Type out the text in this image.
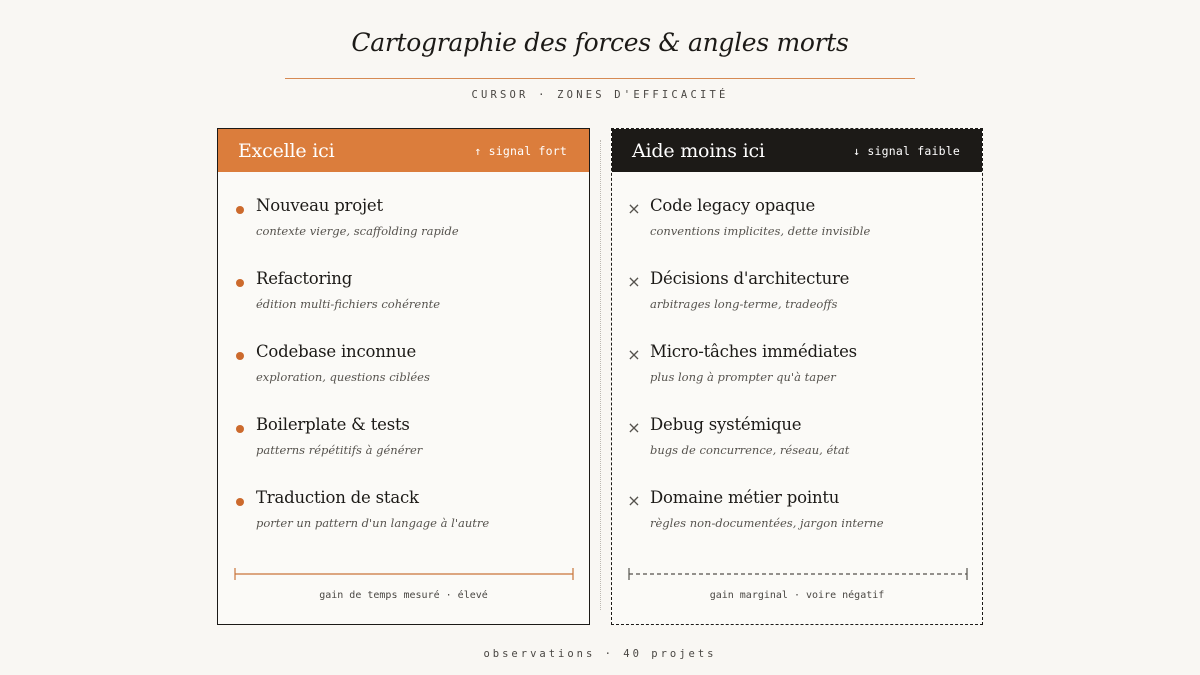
Cartographie des forces & angles morts
CURSOR · ZONES D'EFFICACITÉ
Excelle ici	↑ signal fort
Nouveau projet
contexte vierge, scaffolding rapide
Refactoring
édition multi-fichiers cohérente
Codebase inconnue
exploration, questions ciblées
Boilerplate & tests
patterns répétitifs à générer
Traduction de stack
porter un pattern d'un langage à l'autre
gain de temps mesuré · élevé
Aide moins ici	↓ signal faible
× Code legacy opaque
conventions implicites, dette invisible
× Décisions d'architecture
arbitrages long-terme, tradeoffs
× Micro-tâches immédiates
plus long à prompter qu'à taper
× Debug systémique
bugs de concurrence, réseau, état
× Domaine métier pointu
règles non-documentées, jargon interne
gain marginal · voire négatif
observations · 40 projets
